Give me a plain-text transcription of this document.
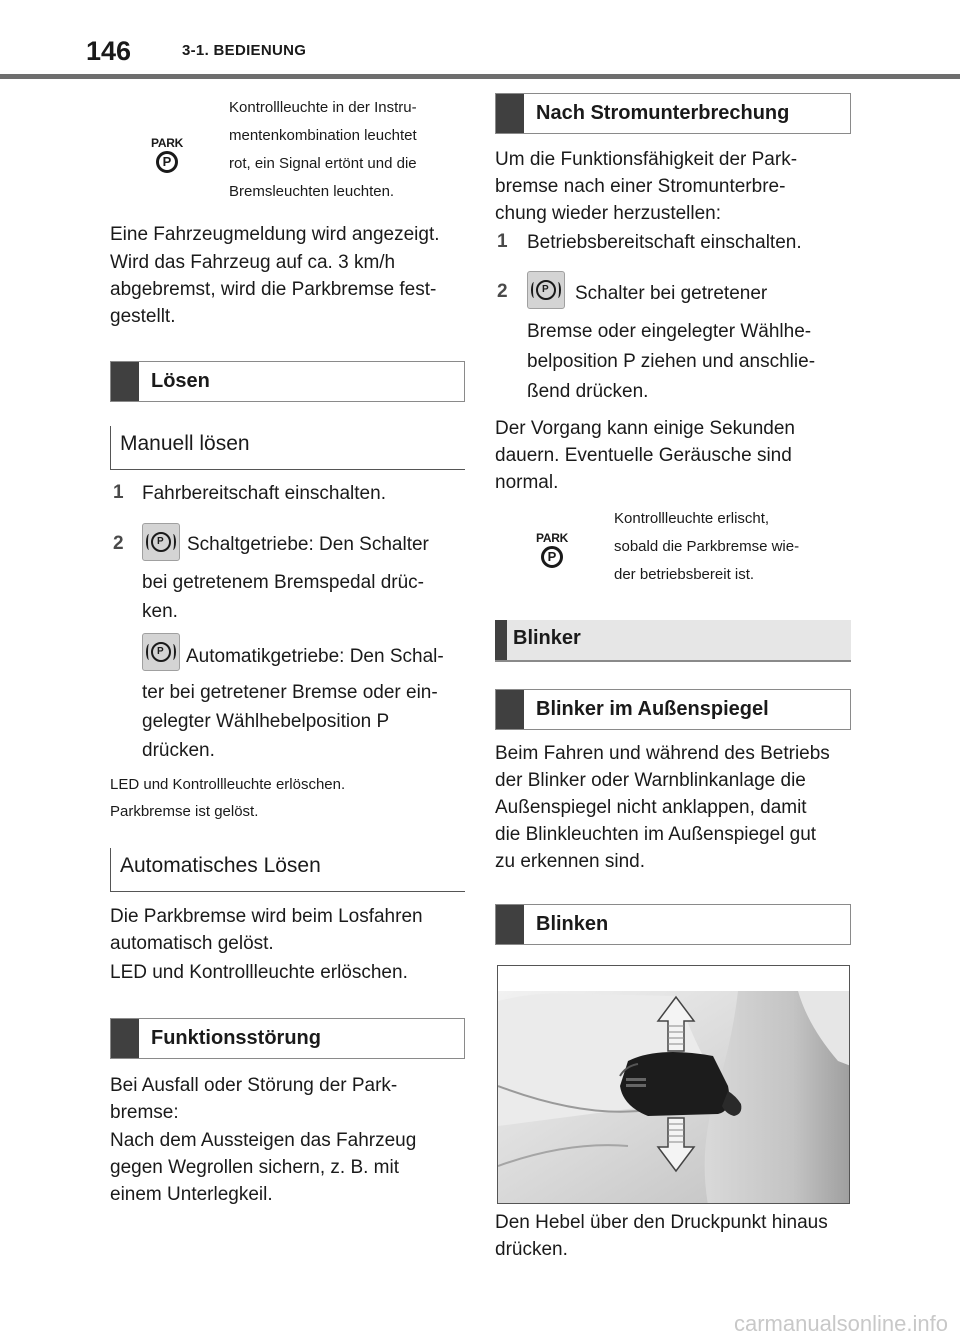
146	3-1. BEDIENUNG
PARK
P
Kontrollleuchte in der Instru-
mentenkombination leuchtet
rot, ein Signal ertönt und die
Bremsleuchten leuchten.
Eine Fahrzeugmeldung wird angezeigt.
Wird das Fahrzeug auf ca. 3 km/h
abgebremst, wird die Parkbremse fest-
gestellt.
Lösen
Manuell lösen
1 Fahrbereitschaft einschalten.
2	P Schaltgetriebe: Den Schalter
bei getretenem Bremspedal drüc-
ken.
P Automatikgetriebe: Den Schal-
ter bei getretener Bremse oder ein-
gelegter Wählhebelposition P
drücken.
LED und Kontrollleuchte erlöschen.
Parkbremse ist gelöst.
Automatisches Lösen
Die Parkbremse wird beim Losfahren
automatisch gelöst.
LED und Kontrollleuchte erlöschen.
Funktionsstörung
Bei Ausfall oder Störung der Park-
bremse:
Nach dem Aussteigen das Fahrzeug
gegen Wegrollen sichern, z. B. mit
einem Unterlegkeil.
Nach Stromunterbrechung
Um die Funktionsfähigkeit der Park-
bremse nach einer Stromunterbre-
chung wieder herzustellen:
1 Betriebsbereitschaft einschalten.
2	P Schalter bei getretener
Bremse oder eingelegter Wählhe-
belposition P ziehen und anschlie-
ßend drücken.
Der Vorgang kann einige Sekunden
dauern. Eventuelle Geräusche sind
normal.
PARK
P
Kontrollleuchte erlischt,
sobald die Parkbremse wie-
der betriebsbereit ist.
Blinker
Blinker im Außenspiegel
Beim Fahren und während des Betriebs
der Blinker oder Warnblinkanlage die
Außenspiegel nicht anklappen, damit
die Blinkleuchten im Außenspiegel gut
zu erkennen sind.
Blinken
Den Hebel über den Druckpunkt hinaus
drücken.
carmanualsonline.info
